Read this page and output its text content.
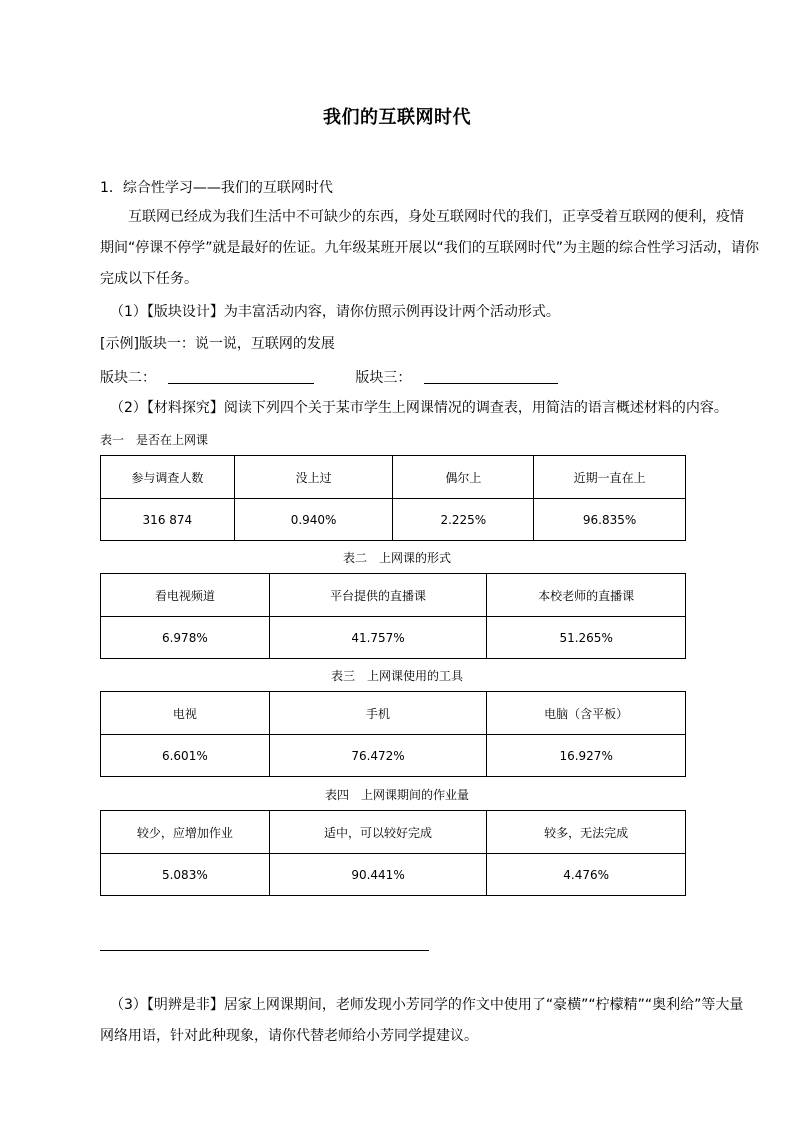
我们的互联网时代
1．综合性学习——我们的互联网时代
互联网已经成为我们生活中不可缺少的东西，身处互联网时代的我们，正享受着互联网的便利，疫情
期间“停课不停学”就是最好的佐证。九年级某班开展以“我们的互联网时代”为主题的综合性学习活动，请你
完成以下任务。
（1）【版块设计】为丰富活动内容，请你仿照示例再设计两个活动形式。
[示例]版块一：说一说，互联网的发展
版块二：	版块三：
（2）【材料探究】阅读下列四个关于某市学生上网课情况的调查表，用简洁的语言概述材料的内容。
表一　是否在上网课
参与调查人数	没上过	偶尔上	近期一直在上
316 874	0.940%	2.225%	96.835%
表二　上网课的形式
看电视频道	平台提供的直播课	本校老师的直播课
6.978%	41.757%	51.265%
表三　上网课使用的工具
电视	手机	电脑（含平板）
6.601%	76.472%	16.927%
表四　上网课期间的作业量
较少，应增加作业	适中，可以较好完成	较多，无法完成
5.083%	90.441%	4.476%
（3）【明辨是非】居家上网课期间，老师发现小芳同学的作文中使用了“豪横”“柠檬精”“奥利给”等大量
网络用语，针对此种现象，请你代替老师给小芳同学提建议。
